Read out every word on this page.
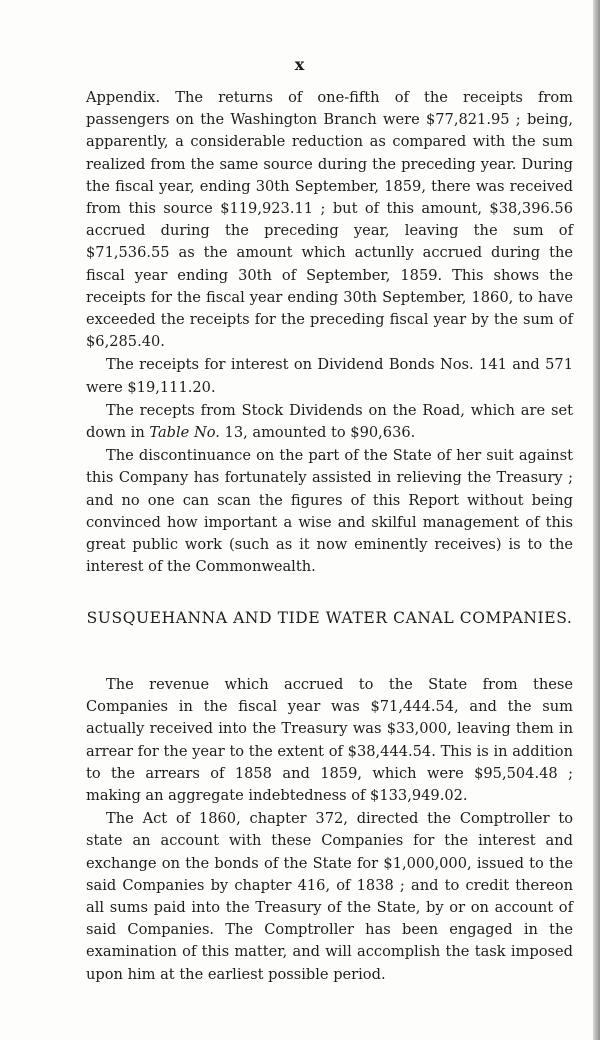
x

Appendix. The returns of one-fifth of the receipts from passengers on the Washington Branch were $77,821.95 ; being, apparently, a considerable reduction as compared with the sum realized from the same source during the preceding year. During the fiscal year, ending 30th September, 1859, there was received from this source $119,923.11 ; but of this amount, $38,396.56 accrued during the preceding year, leaving the sum of $71,536.55 as the amount which actunlly accrued during the fiscal year ending 30th of September, 1859. This shows the receipts for the fiscal year ending 30th September, 1860, to have exceeded the receipts for the preceding fiscal year by the sum of $6,285.40.

The receipts for interest on Dividend Bonds Nos. 141 and 571 were $19,111.20.

The recepts from Stock Dividends on the Road, which are set down in Table No. 13, amounted to $90,636.

The discontinuance on the part of the State of her suit against this Company has fortunately assisted in relieving the Treasury ; and no one can scan the figures of this Report without being convinced how important a wise and skilful management of this great public work (such as it now eminently receives) is to the interest of the Commonwealth.

SUSQUEHANNA AND TIDE WATER CANAL COMPANIES.

The revenue which accrued to the State from these Companies in the fiscal year was $71,444.54, and the sum actually received into the Treasury was $33,000, leaving them in arrear for the year to the extent of $38,444.54. This is in addition to the arrears of 1858 and 1859, which were $95,504.48 ; making an aggregate indebtedness of $133,949.02.

The Act of 1860, chapter 372, directed the Comptroller to state an account with these Companies for the interest and exchange on the bonds of the State for $1,000,000, issued to the said Companies by chapter 416, of 1838 ; and to credit thereon all sums paid into the Treasury of the State, by or on account of said Companies. The Comptroller has been engaged in the examination of this matter, and will accomplish the task imposed upon him at the earliest possible period.
